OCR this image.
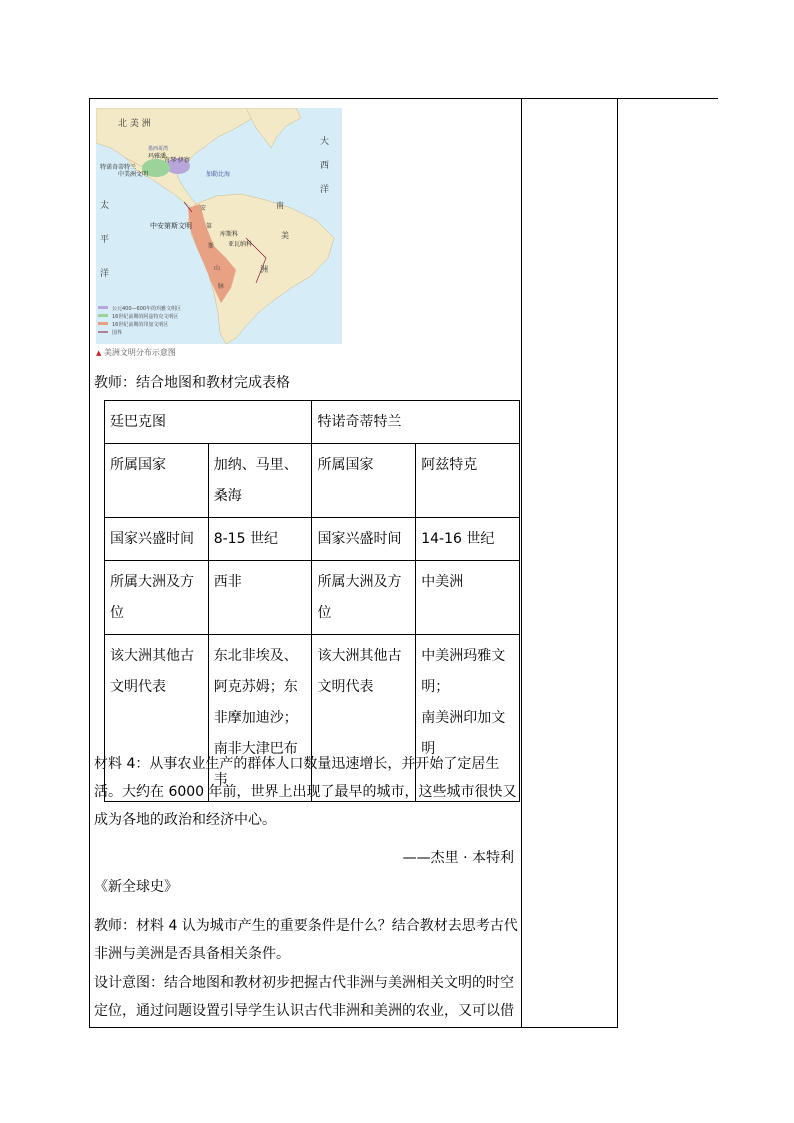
北 美 洲
大
西
洋
太
平
洋
墨西哥湾
玛雅潘
奇琴·伊察
特诺奇蒂特兰
中美洲文明	加勒比海
南
美
洲
安
第
斯
山
脉
中安第斯文明
库斯科
亚瓦纳科
公元400—600年的玛雅文明区
16世纪前期的阿兹特克文明区
16世纪前期的印加文明区
国界
▲ 美洲文明分布示意图
教师：结合地图和教材完成表格
廷巴克图		特诺奇蒂特兰	
所属国家	加纳、马里、桑海	所属国家	阿兹特克
国家兴盛时间	8-15 世纪	国家兴盛时间	14-16 世纪
所属大洲及方位	西非	所属大洲及方位	中美洲
该大洲其他古文明代表	东北非埃及、阿克苏姆；东非摩加迪沙；南非大津巴布韦	该大洲其他古文明代表	中美洲玛雅文明；
南美洲印加文明
材料 4：从事农业生产的群体人口数量迅速增长，并开始了定居生活。大约在 6000 年前，世界上出现了最早的城市，这些城市很快又成为各地的政治和经济中心。
——杰里 · 本特利
《新全球史》
教师：材料 4 认为城市产生的重要条件是什么？结合教材去思考古代非洲与美洲是否具备相关条件。
设计意图：结合地图和教材初步把握古代非洲与美洲相关文明的时空定位，通过问题设置引导学生认识古代非洲和美洲的农业，又可以借
